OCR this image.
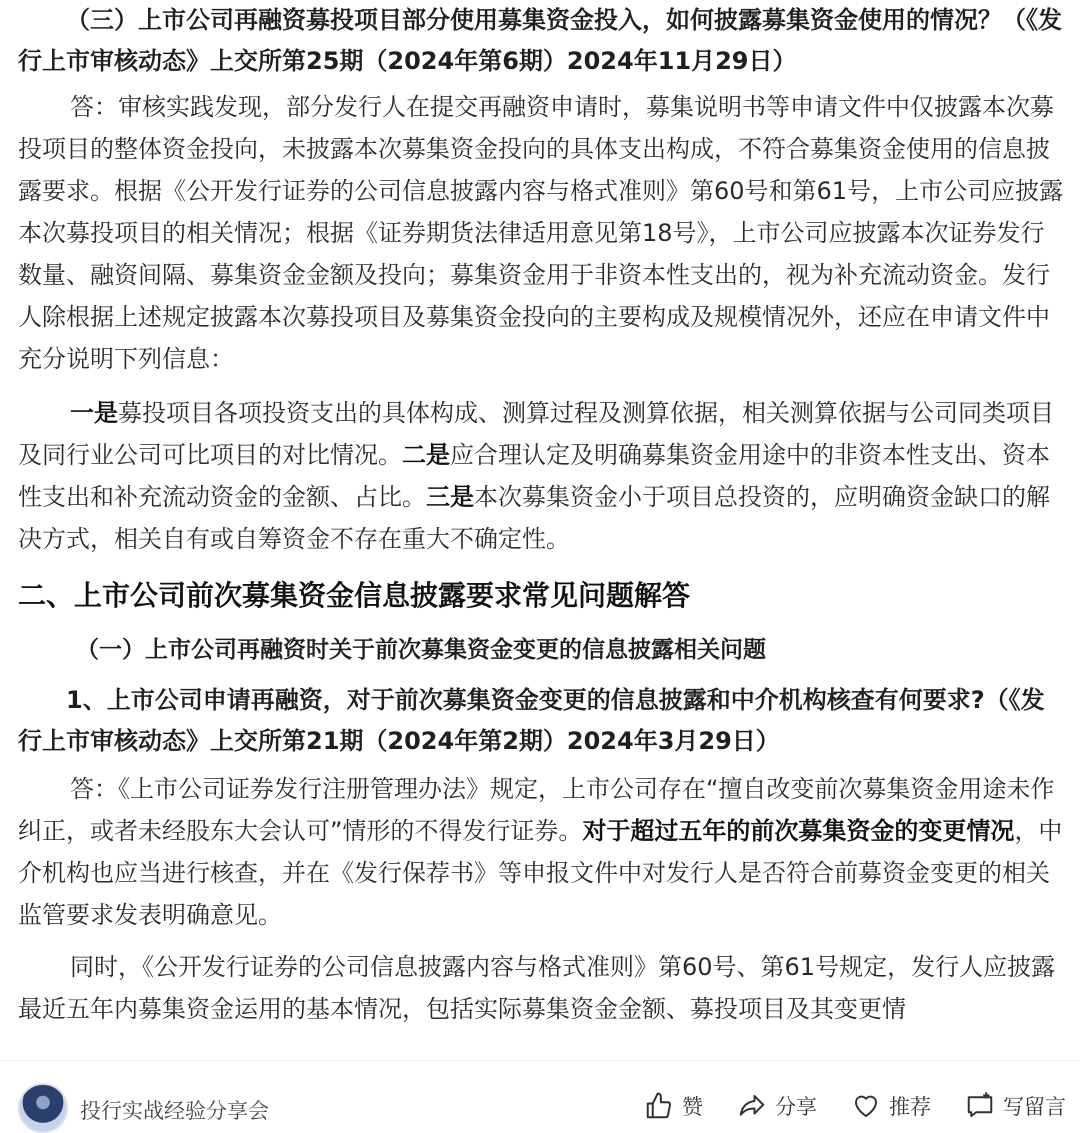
（三）上市公司再融资募投项目部分使用募集资金投入，如何披露募集资金使用的情况？（《发行上市审核动态》上交所第25期（2024年第6期）2024年11月29日）

答：审核实践发现，部分发行人在提交再融资申请时，募集说明书等申请文件中仅披露本次募投项目的整体资金投向，未披露本次募集资金投向的具体支出构成，不符合募集资金使用的信息披露要求。根据《公开发行证券的公司信息披露内容与格式准则》第60号和第61号，上市公司应披露本次募投项目的相关情况；根据《证券期货法律适用意见第18号》，上市公司应披露本次证券发行数量、融资间隔、募集资金金额及投向；募集资金用于非资本性支出的，视为补充流动资金。发行人除根据上述规定披露本次募投项目及募集资金投向的主要构成及规模情况外，还应在申请文件中充分说明下列信息：

一是募投项目各项投资支出的具体构成、测算过程及测算依据，相关测算依据与公司同类项目及同行业公司可比项目的对比情况。二是应合理认定及明确募集资金用途中的非资本性支出、资本性支出和补充流动资金的金额、占比。三是本次募集资金小于项目总投资的，应明确资金缺口的解决方式，相关自有或自筹资金不存在重大不确定性。

二、上市公司前次募集资金信息披露要求常见问题解答
（一）上市公司再融资时关于前次募集资金变更的信息披露相关问题

1、上市公司申请再融资，对于前次募集资金变更的信息披露和中介机构核查有何要求?（《发行上市审核动态》上交所第21期（2024年第2期）2024年3月29日）

答：《上市公司证券发行注册管理办法》规定，上市公司存在“擅自改变前次募集资金用途未作纠正，或者未经股东大会认可”情形的不得发行证券。对于超过五年的前次募集资金的变更情况，中介机构也应当进行核查，并在《发行保荐书》等申报文件中对发行人是否符合前募资金变更的相关监管要求发表明确意见。

同时，《公开发行证券的公司信息披露内容与格式准则》第60号、第61号规定，发行人应披露最近五年内募集资金运用的基本情况，包括实际募集资金金额、募投项目及其变更情

投行实战经验分享会	赞	分享	推荐	写留言
